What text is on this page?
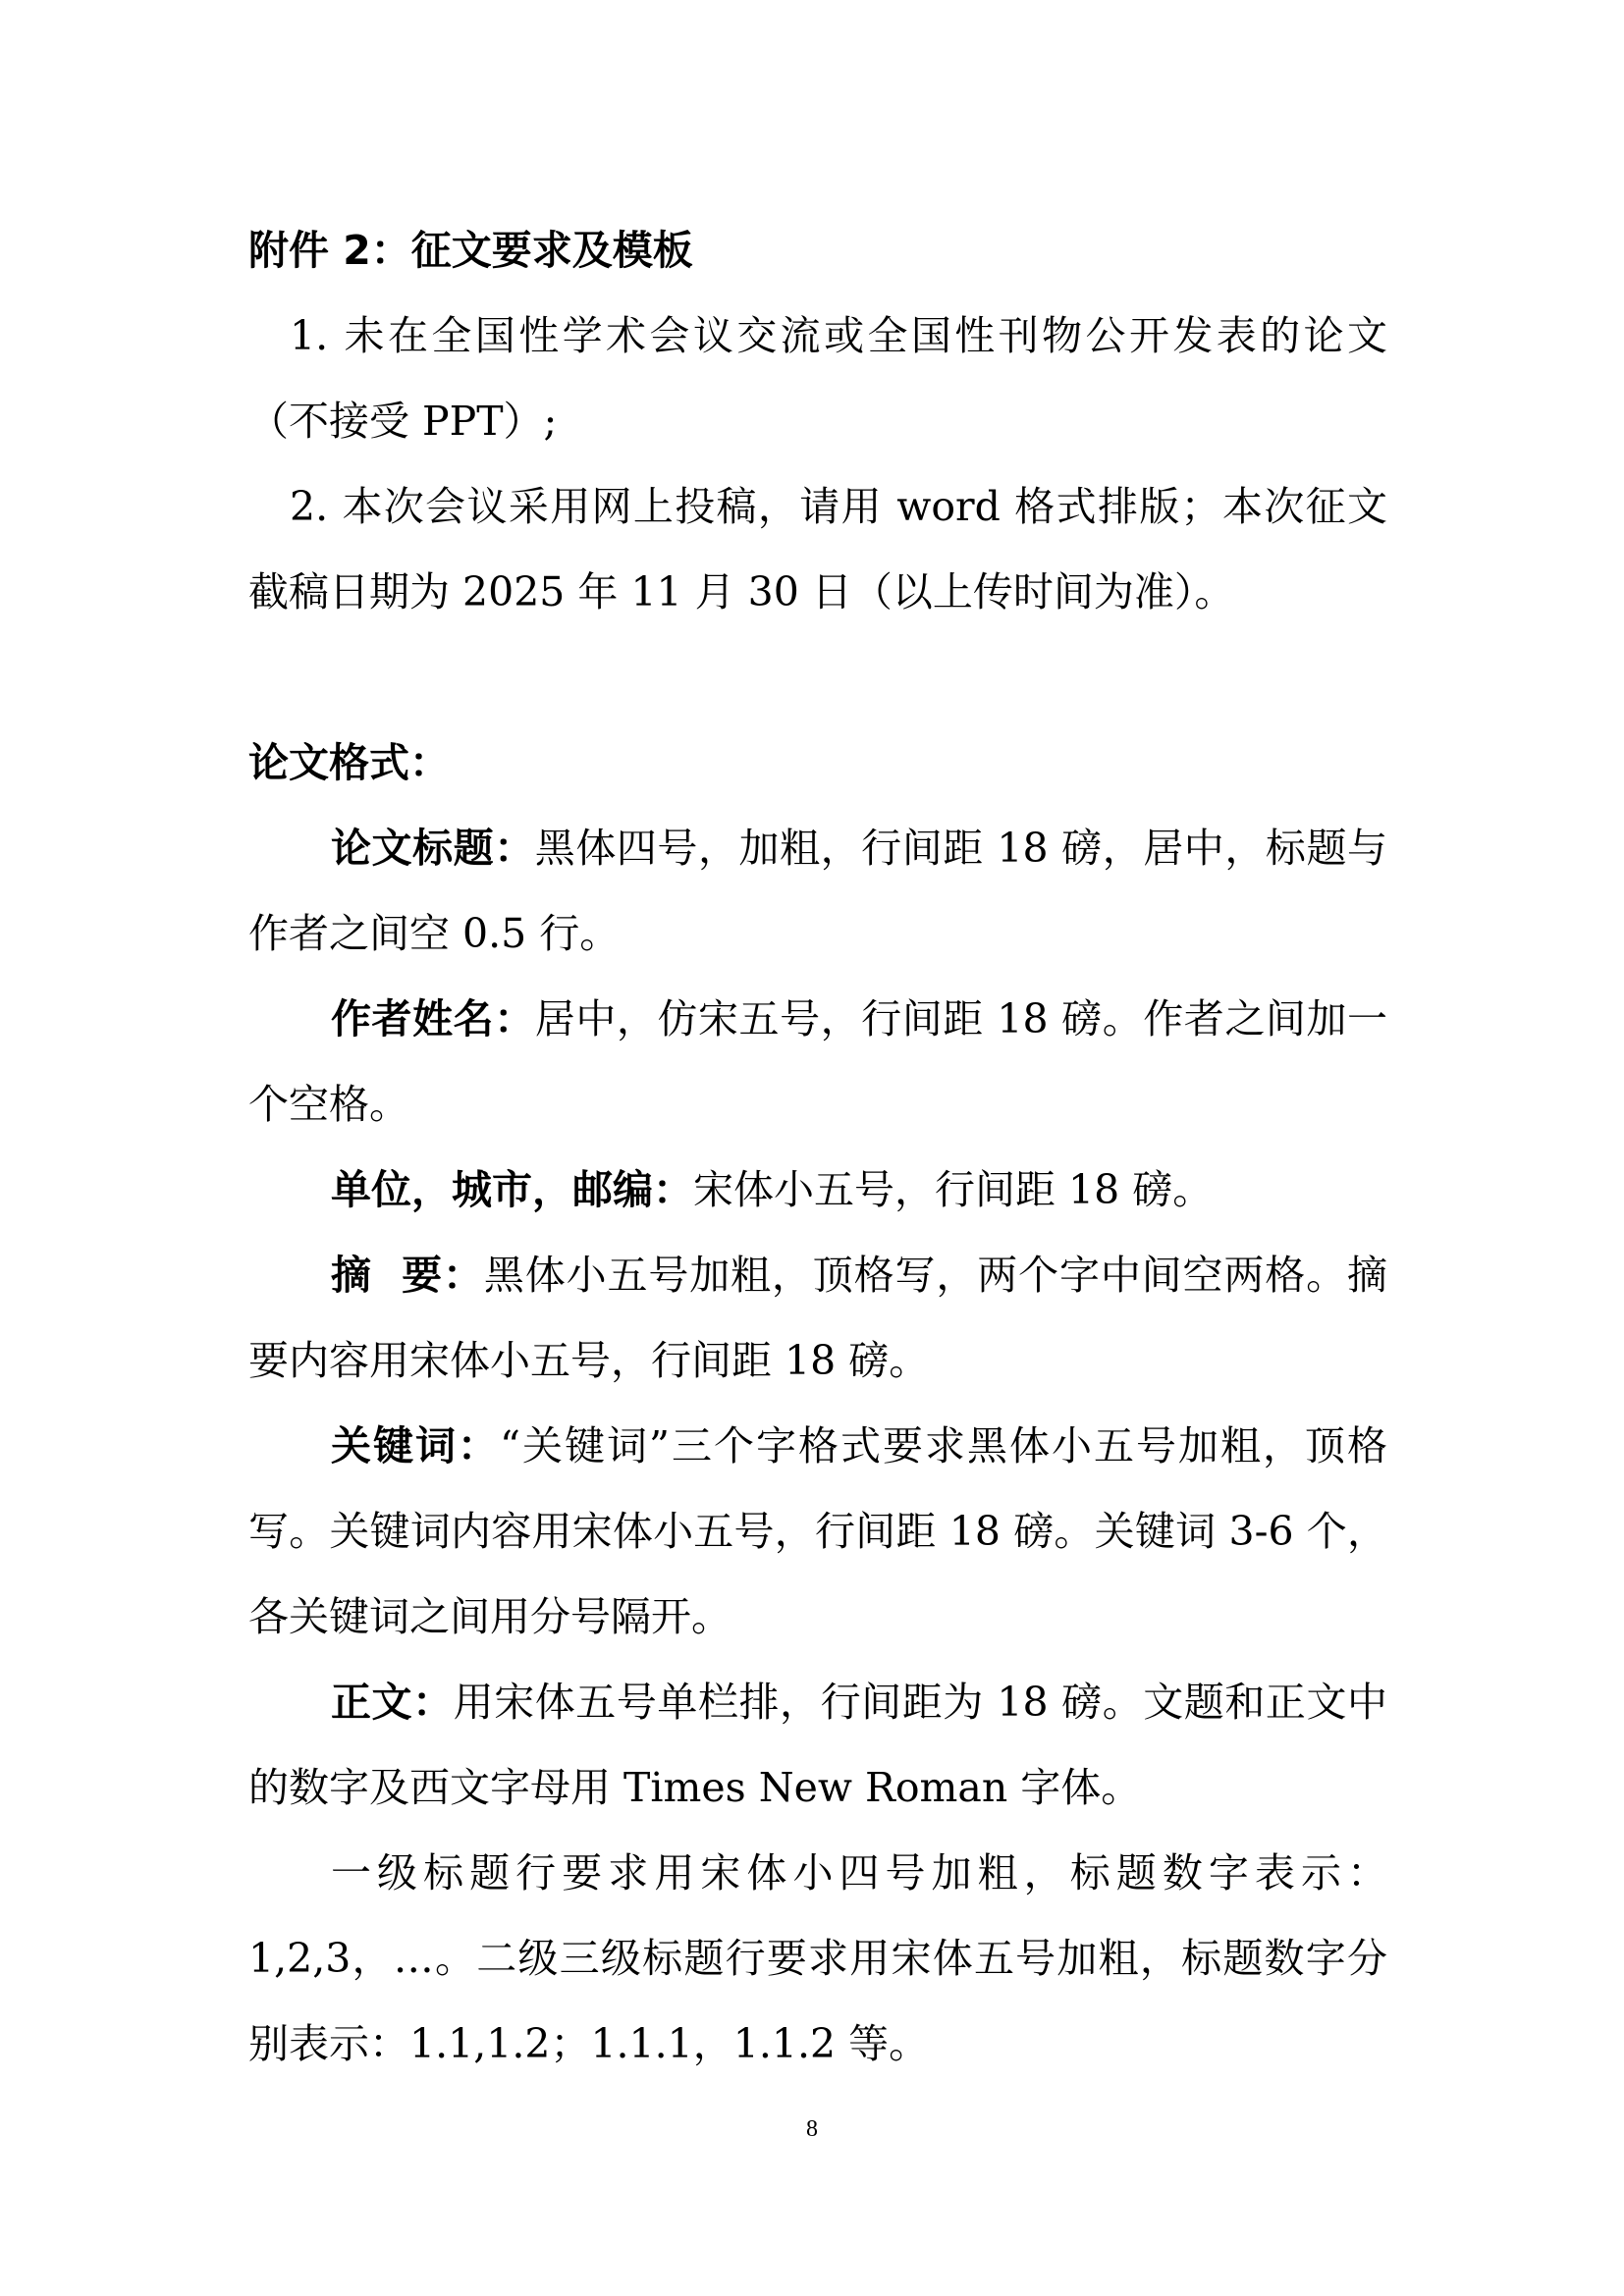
附件 2：征文要求及模板

1. 未在全国性学术会议交流或全国性刊物公开发表的论文（不接受 PPT）;

2. 本次会议采用网上投稿，请用 word 格式排版；本次征文截稿日期为 2025 年 11 月 30 日（以上传时间为准）。

论文格式：

论文标题：黑体四号，加粗，行间距 18 磅，居中，标题与作者之间空 0.5 行。

作者姓名：居中，仿宋五号，行间距 18 磅。作者之间加一个空格。

单位，城市，邮编：宋体小五号，行间距 18 磅。

摘  要：黑体小五号加粗，顶格写，两个字中间空两格。摘要内容用宋体小五号，行间距 18 磅。

关键词：“关键词”三个字格式要求黑体小五号加粗，顶格写。关键词内容用宋体小五号，行间距 18 磅。关键词 3-6 个，各关键词之间用分号隔开。

正文：用宋体五号单栏排，行间距为 18 磅。文题和正文中的数字及西文字母用 Times New Roman 字体。

一级标题行要求用宋体小四号加粗，标题数字表示：1,2,3，…。二级三级标题行要求用宋体五号加粗，标题数字分别表示：1.1,1.2；1.1.1，1.1.2 等。

8
